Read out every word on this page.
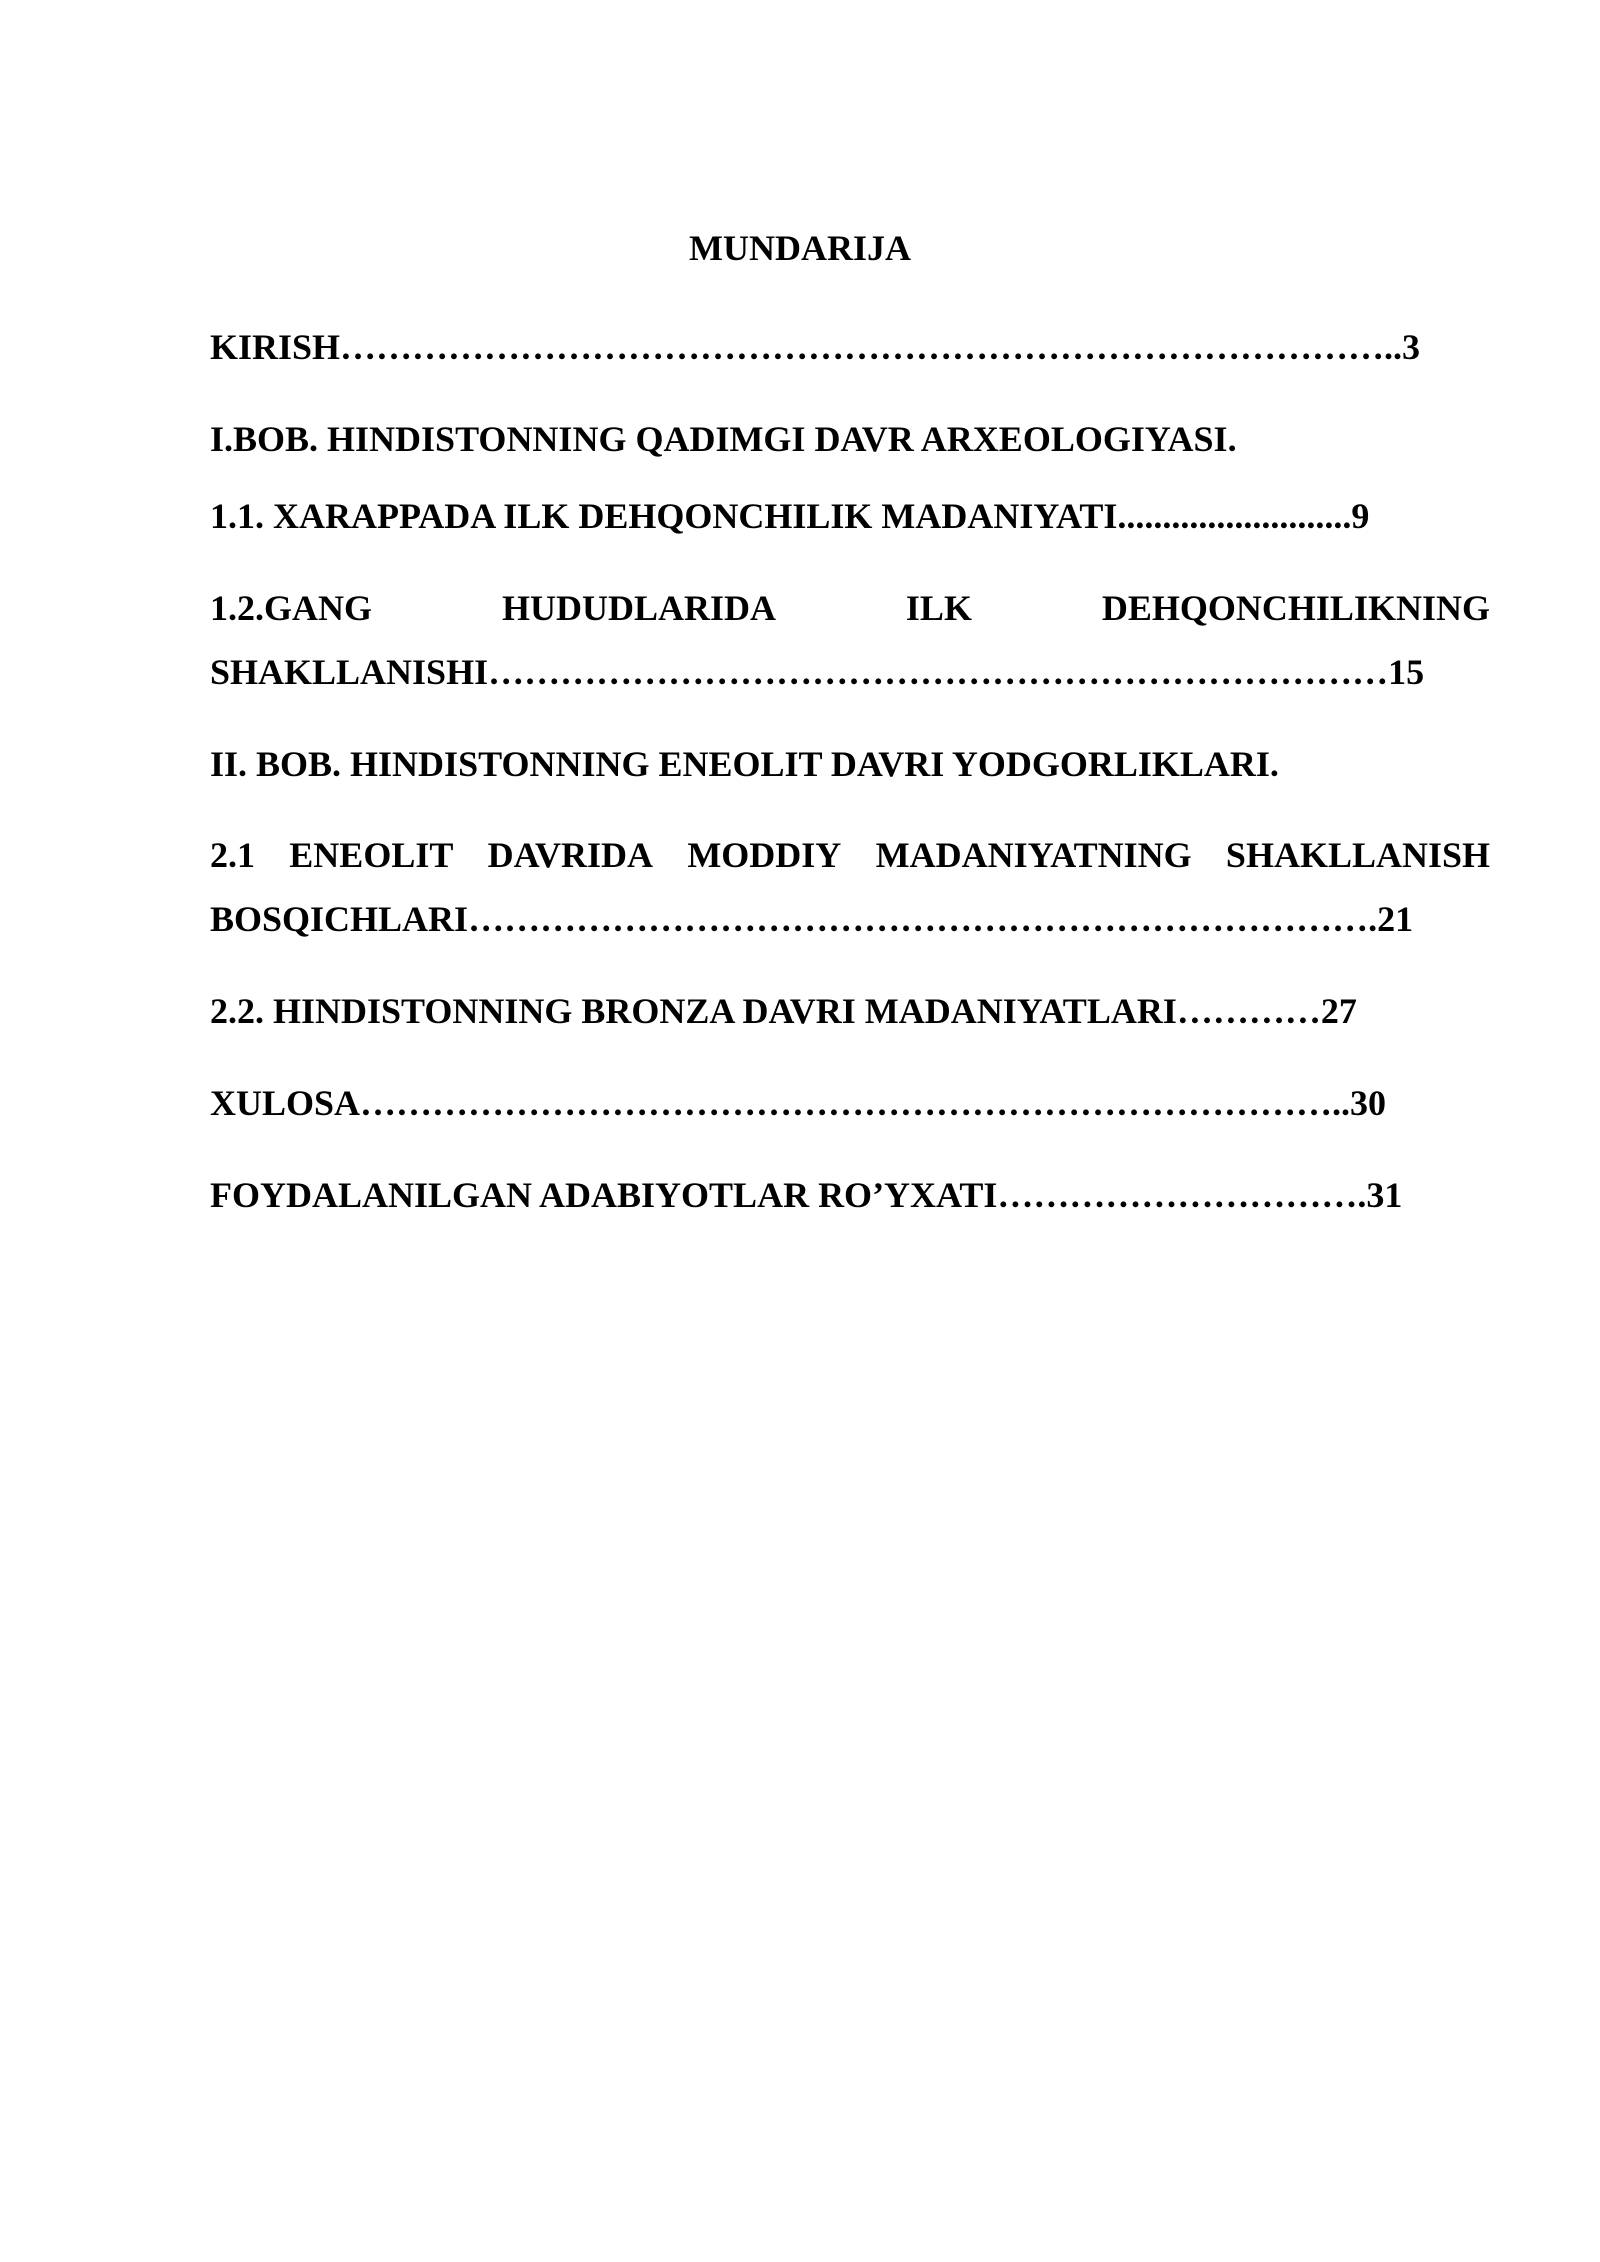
MUNDARIJA
KIRISH……………………………………………………………………………..3
I.BOB. HINDISTONNING QADIMGI DAVR ARXEOLOGIYASI.
1.1. XARAPPADA ILK DEHQONCHILIK MADANIYATI..........................9
1.2.GANG	HUDUDLARIDA	ILK	DEHQONCHILIKNING
SHAKLLANISHI…………………………………………………………………15
II. BOB. HINDISTONNING ENEOLIT DAVRI YODGORLIKLARI.
2.1 ENEOLIT DAVRIDA MODDIY MADANIYATNING SHAKLLANISH
BOSQICHLARI………………………………………………………………….21
2.2. HINDISTONNING BRONZA DAVRI MADANIYATLARI…………27
XULOSA………………………………………………………………………..30
FOYDALANILGAN ADABIYOTLAR RO’YXATI………………………….31
